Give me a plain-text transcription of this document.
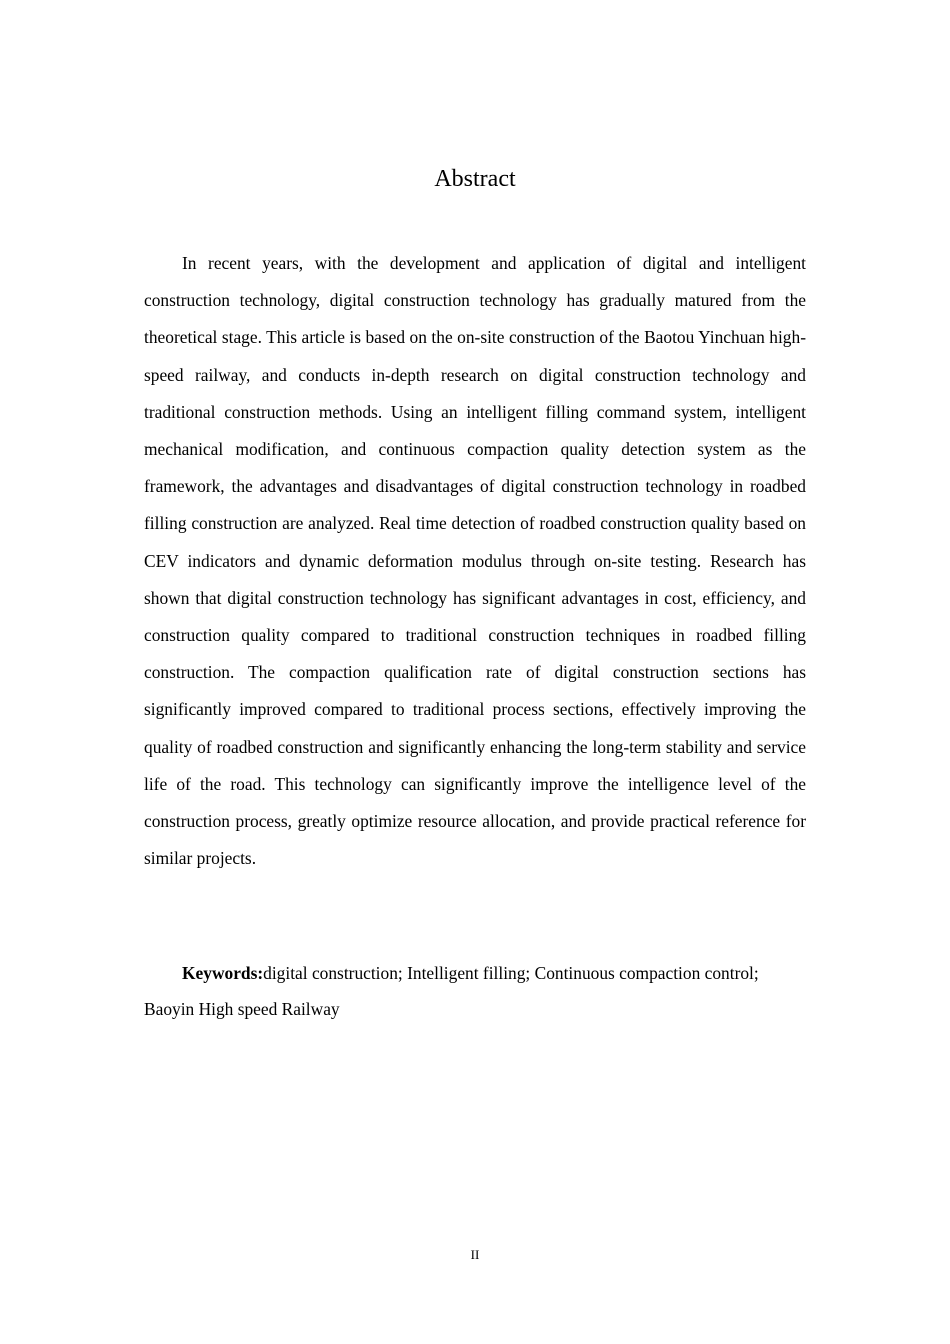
Abstract

In recent years, with the development and application of digital and intelligent construction technology, digital construction technology has gradually matured from the theoretical stage. This article is based on the on-site construction of the Baotou Yinchuan high-speed railway, and conducts in-depth research on digital construction technology and traditional construction methods. Using an intelligent filling command system, intelligent mechanical modification, and continuous compaction quality detection system as the framework, the advantages and disadvantages of digital construction technology in roadbed filling construction are analyzed. Real time detection of roadbed construction quality based on CEV indicators and dynamic deformation modulus through on-site testing. Research has shown that digital construction technology has significant advantages in cost, efficiency, and construction quality compared to traditional construction techniques in roadbed filling construction. The compaction qualification rate of digital construction sections has significantly improved compared to traditional process sections, effectively improving the quality of roadbed construction and significantly enhancing the long-term stability and service life of the road. This technology can significantly improve the intelligence level of the construction process, greatly optimize resource allocation, and provide practical reference for similar projects.

Keywords:digital construction; Intelligent filling; Continuous compaction control; Baoyin High speed Railway

II
